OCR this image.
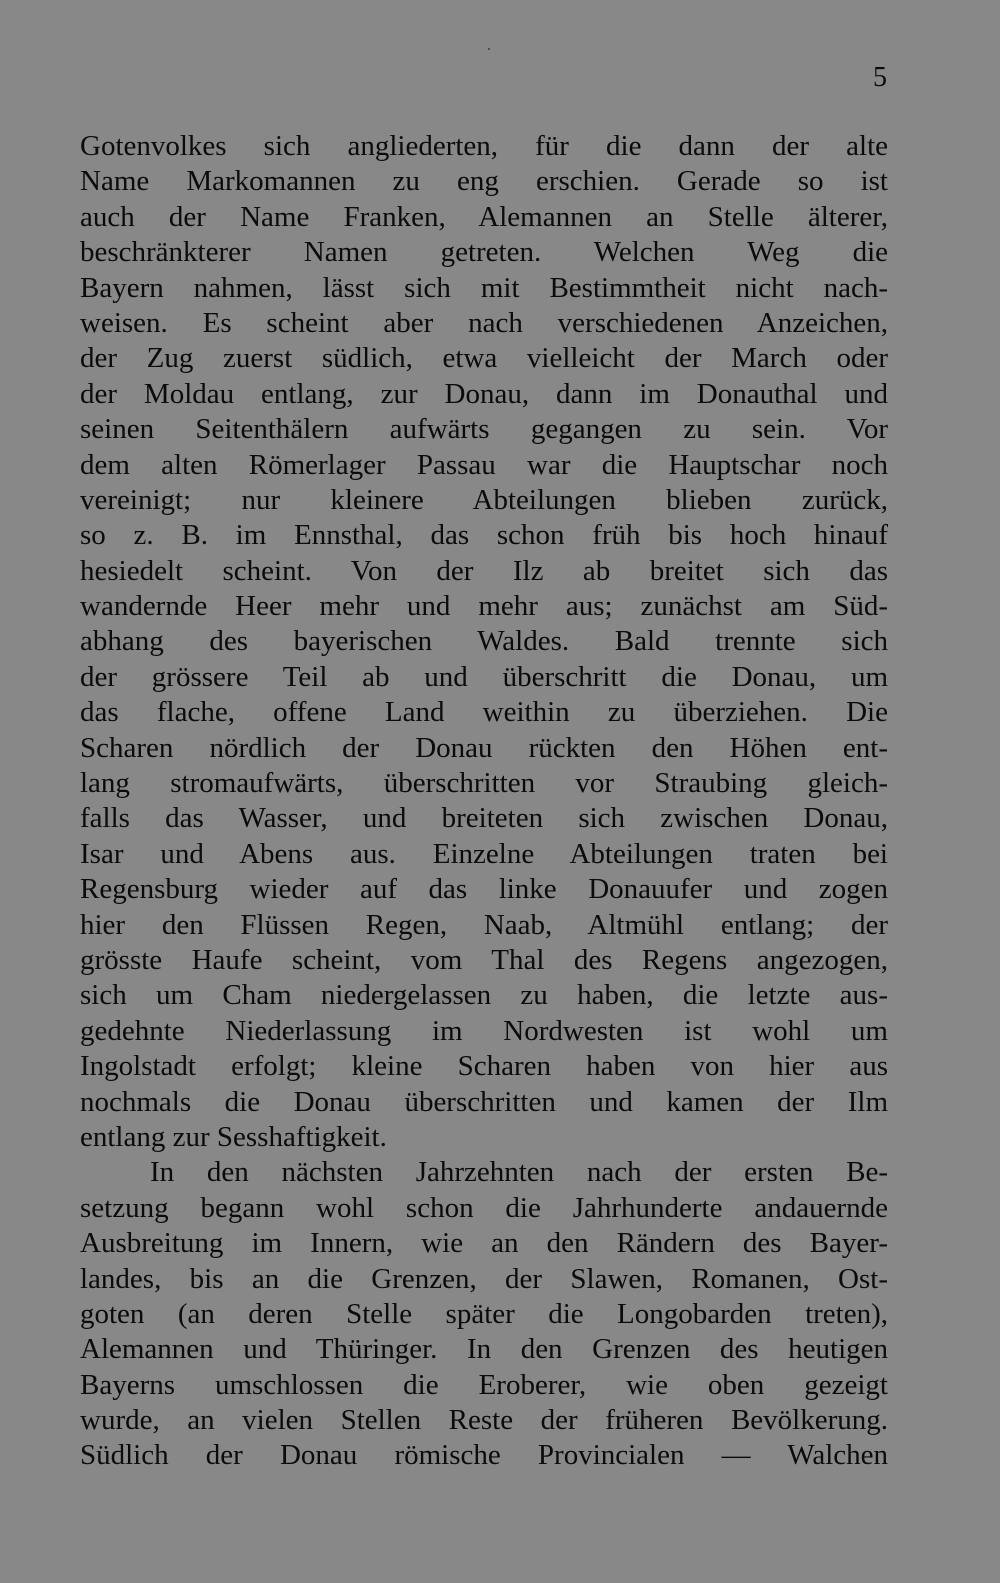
5
Gotenvolkes sich angliederten, für die dann der alte
Name Markomannen zu eng erschien. Gerade so ist
auch der Name Franken, Alemannen an Stelle älterer,
beschränkterer Namen getreten. Welchen Weg die
Bayern nahmen, lässt sich mit Bestimmtheit nicht nach-
weisen. Es scheint aber nach verschiedenen Anzeichen,
der Zug zuerst südlich, etwa vielleicht der March oder
der Moldau entlang, zur Donau, dann im Donauthal und
seinen Seitenthälern aufwärts gegangen zu sein. Vor
dem alten Römerlager Passau war die Hauptschar noch
vereinigt; nur kleinere Abteilungen blieben zurück,
so z. B. im Ennsthal, das schon früh bis hoch hinauf
hesiedelt scheint. Von der Ilz ab breitet sich das
wandernde Heer mehr und mehr aus; zunächst am Süd-
abhang des bayerischen Waldes. Bald trennte sich
der grössere Teil ab und überschritt die Donau, um
das flache, offene Land weithin zu überziehen. Die
Scharen nördlich der Donau rückten den Höhen ent-
lang stromaufwärts, überschritten vor Straubing gleich-
falls das Wasser, und breiteten sich zwischen Donau,
Isar und Abens aus. Einzelne Abteilungen traten bei
Regensburg wieder auf das linke Donauufer und zogen
hier den Flüssen Regen, Naab, Altmühl entlang; der
grösste Haufe scheint, vom Thal des Regens angezogen,
sich um Cham niedergelassen zu haben, die letzte aus-
gedehnte Niederlassung im Nordwesten ist wohl um
Ingolstadt erfolgt; kleine Scharen haben von hier aus
nochmals die Donau überschritten und kamen der Ilm
entlang zur Sesshaftigkeit.
In den nächsten Jahrzehnten nach der ersten Be-
setzung begann wohl schon die Jahrhunderte andauernde
Ausbreitung im Innern, wie an den Rändern des Bayer-
landes, bis an die Grenzen, der Slawen, Romanen, Ost-
goten (an deren Stelle später die Longobarden treten),
Alemannen und Thüringer. In den Grenzen des heutigen
Bayerns umschlossen die Eroberer, wie oben gezeigt
wurde, an vielen Stellen Reste der früheren Bevölkerung.
Südlich der Donau römische Provincialen — Walchen
